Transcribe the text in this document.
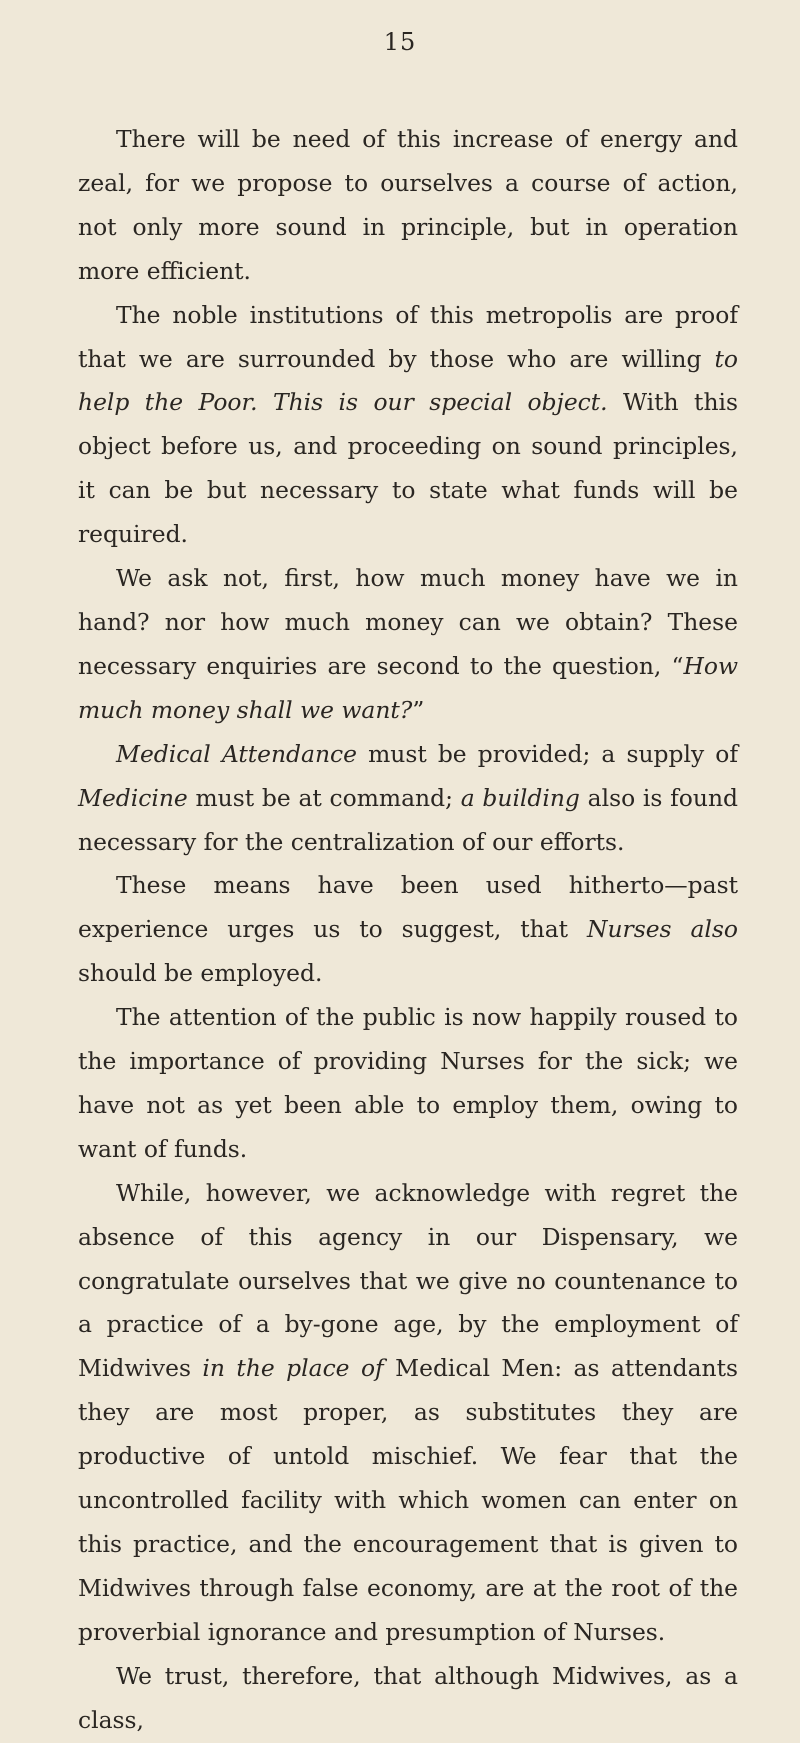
15

There will be need of this increase of energy and zeal, for we propose to ourselves a course of action, not only more sound in principle, but in operation more efficient.

The noble institutions of this metropolis are proof that we are surrounded by those who are willing to help the Poor. This is our special object. With this object before us, and proceeding on sound principles, it can be but necessary to state what funds will be required.

We ask not, first, how much money have we in hand? nor how much money can we obtain? These necessary enquiries are second to the question, “How much money shall we want?”

Medical Attendance must be provided; a supply of Medicine must be at command; a building also is found necessary for the centralization of our efforts.

These means have been used hitherto—past experience urges us to suggest, that Nurses also should be employed.

The attention of the public is now happily roused to the importance of providing Nurses for the sick; we have not as yet been able to employ them, owing to want of funds.

While, however, we acknowledge with regret the absence of this agency in our Dispensary, we congratulate ourselves that we give no countenance to a practice of a by-gone age, by the employment of Midwives in the place of Medical Men: as attendants they are most proper, as substitutes they are productive of untold mischief. We fear that the uncontrolled facility with which women can enter on this practice, and the encouragement that is given to Midwives through false economy, are at the root of the proverbial ignorance and presumption of Nurses.

We trust, therefore, that although Midwives, as a class,
